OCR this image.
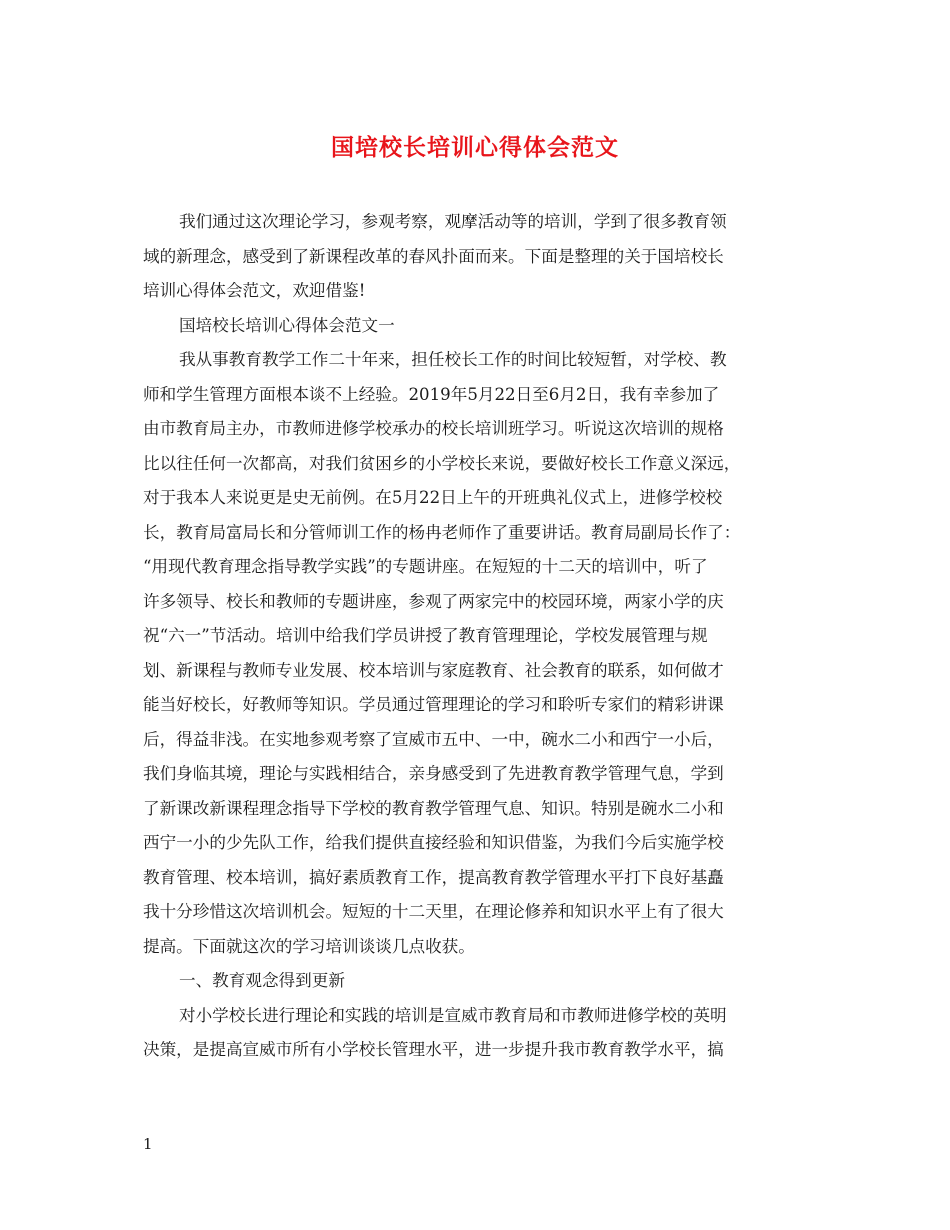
国培校长培训心得体会范文
我们通过这次理论学习，参观考察，观摩活动等的培训，学到了很多教育领
域的新理念，感受到了新课程改革的春风扑面而来。下面是整理的关于国培校长
培训心得体会范文，欢迎借鉴!
国培校长培训心得体会范文一
我从事教育教学工作二十年来，担任校长工作的时间比较短暂，对学校、教
师和学生管理方面根本谈不上经验。2019年5月22日至6月2日，我有幸参加了
由市教育局主办，市教师进修学校承办的校长培训班学习。听说这次培训的规格
比以往任何一次都高，对我们贫困乡的小学校长来说，要做好校长工作意义深远，
对于我本人来说更是史无前例。在5月22日上午的开班典礼仪式上，进修学校校
长，教育局富局长和分管师训工作的杨冉老师作了重要讲话。教育局副局长作了：
“用现代教育理念指导教学实践”的专题讲座。在短短的十二天的培训中，听了
许多领导、校长和教师的专题讲座，参观了两家完中的校园环境，两家小学的庆
祝“六一”节活动。培训中给我们学员讲授了教育管理理论，学校发展管理与规
划、新课程与教师专业发展、校本培训与家庭教育、社会教育的联系，如何做才
能当好校长，好教师等知识。学员通过管理理论的学习和聆听专家们的精彩讲课
后，得益非浅。在实地参观考察了宣威市五中、一中，碗水二小和西宁一小后，
我们身临其境，理论与实践相结合，亲身感受到了先进教育教学管理气息，学到
了新课改新课程理念指导下学校的教育教学管理气息、知识。特别是碗水二小和
西宁一小的少先队工作，给我们提供直接经验和知识借鉴，为我们今后实施学校
教育管理、校本培训，搞好素质教育工作，提高教育教学管理水平打下良好基矗
我十分珍惜这次培训机会。短短的十二天里，在理论修养和知识水平上有了很大
提高。下面就这次的学习培训谈谈几点收获。
一、教育观念得到更新
对小学校长进行理论和实践的培训是宣威市教育局和市教师进修学校的英明
决策，是提高宣威市所有小学校长管理水平，进一步提升我市教育教学水平，搞
1
